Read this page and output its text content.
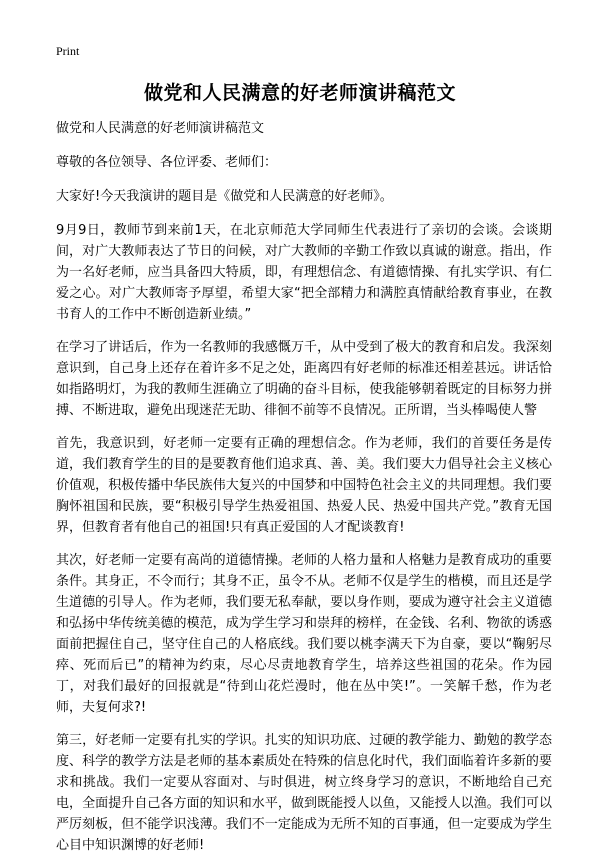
Print
做党和人民满意的好老师演讲稿范文

做党和人民满意的好老师演讲稿范文

尊敬的各位领导、各位评委、老师们：

大家好!今天我演讲的题目是《做党和人民满意的好老师》。

9月9日，教师节到来前1天，在北京师范大学同师生代表进行了亲切的会谈。会谈期间，对广大教师表达了节日的问候，对广大教师的辛勤工作致以真诚的谢意。指出，作为一名好老师，应当具备四大特质，即，有理想信念、有道德情操、有扎实学识、有仁爱之心。对广大教师寄予厚望，希望大家“把全部精力和满腔真情献给教育事业，在教书育人的工作中不断创造新业绩。”

在学习了讲话后，作为一名教师的我感慨万千，从中受到了极大的教育和启发。我深刻意识到，自己身上还存在着许多不足之处，距离四有好老师的标准还相差甚远。讲话恰如指路明灯，为我的教师生涯确立了明确的奋斗目标，使我能够朝着既定的目标努力拼搏、不断进取，避免出现迷茫无助、徘徊不前等不良情况。正所谓，当头棒喝使人警

首先，我意识到，好老师一定要有正确的理想信念。作为老师，我们的首要任务是传道，我们教育学生的目的是要教育他们追求真、善、美。我们要大力倡导社会主义核心价值观，积极传播中华民族伟大复兴的中国梦和中国特色社会主义的共同理想。我们要胸怀祖国和民族，要“积极引导学生热爱祖国、热爱人民、热爱中国共产党。”教育无国界，但教育者有他自己的祖国!只有真正爱国的人才配谈教育!

其次，好老师一定要有高尚的道德情操。老师的人格力量和人格魅力是教育成功的重要条件。其身正，不令而行；其身不正，虽令不从。老师不仅是学生的楷模，而且还是学生道德的引导人。作为老师，我们要无私奉献，要以身作则，要成为遵守社会主义道德和弘扬中华传统美德的模范，成为学生学习和崇拜的榜样，在金钱、名利、物欲的诱惑面前把握住自己，坚守住自己的人格底线。我们要以桃李满天下为自豪，要以“鞠躬尽瘁、死而后已”的精神为约束，尽心尽责地教育学生，培养这些祖国的花朵。作为园丁，对我们最好的回报就是“待到山花烂漫时，他在丛中笑!”。一笑解千愁，作为老师，夫复何求?!

第三，好老师一定要有扎实的学识。扎实的知识功底、过硬的教学能力、勤勉的教学态度、科学的教学方法是老师的基本素质处在特殊的信息化时代，我们面临着许多新的要求和挑战。我们一定要从容面对、与时俱进，树立终身学习的意识，不断地给自己充电，全面提升自己各方面的知识和水平，做到既能授人以鱼，又能授人以渔。我们可以严厉刻板，但不能学识浅薄。我们不一定能成为无所不知的百事通，但一定要成为学生心目中知识渊博的好老师!
